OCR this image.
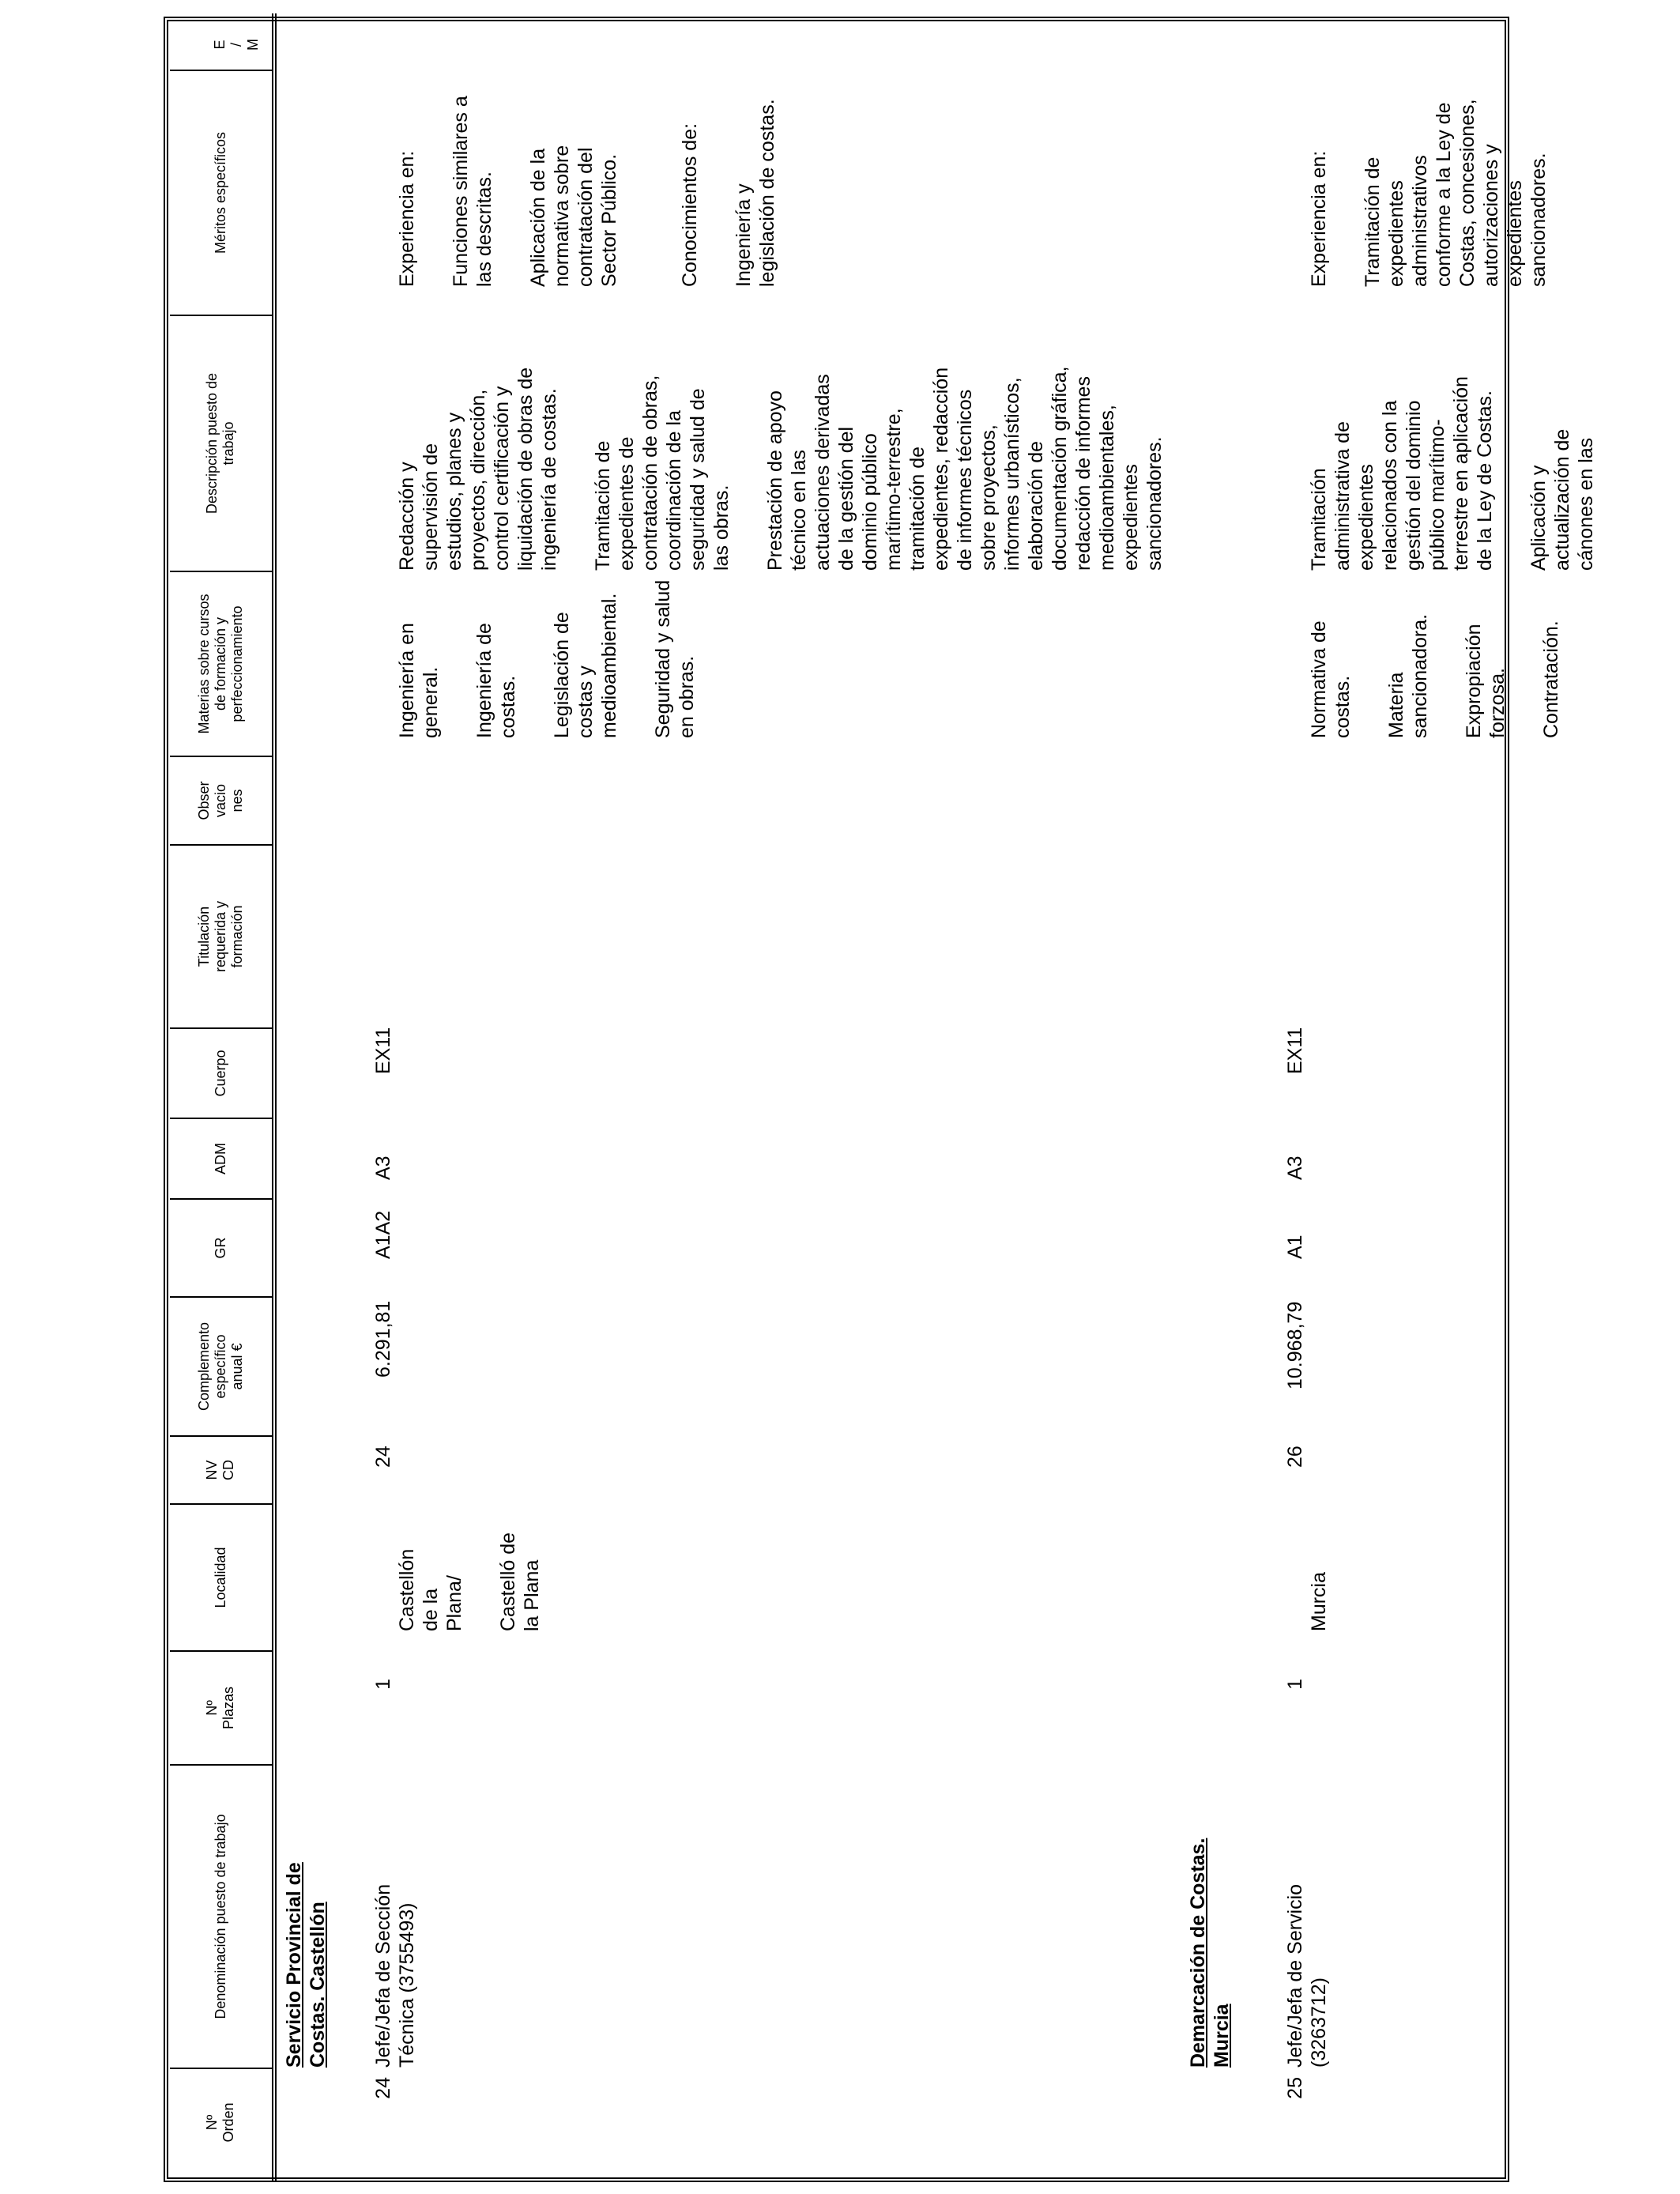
Nº
Orden
Denominación puesto de trabajo
Nº
Plazas
Localidad
NV
CD
Complemento
específico
anual €
GR
ADM
Cuerpo
Titulación
requerida y
formación
Obser
vacio
nes
Materias sobre cursos
de formación y
perfeccionamiento
Descripción puesto de
trabajo
Méritos específicos
E
/
M
Servicio Provincial de
Costas. Castellón
24
Jefe/Jefa de Sección
Técnica (3755493)
1

Castellón
de la
Plana/ Castelló de
la Plana

24
6.291,81
A1A2
A3
EX11

Ingeniería en
general. Ingeniería de
costas. Legislación de
costas y
medioambiental. Seguridad y salud
en obras.

Redacción y
supervisión de
estudios, planes y
proyectos, dirección,
control certificación y
liquidación de obras de
ingeniería de costas.

Tramitación de
expedientes de
contratación de obras,
coordinación de la
seguridad y salud de
las obras. Prestación de apoyo
técnico en las
actuaciones derivadas
de la gestión del
dominio público
marítimo-terrestre,
tramitación de
expedientes, redacción
de informes técnicos
sobre proyectos,
informes urbanísticos,
elaboración de
documentación gráfica,
redacción de informes
medioambientales,
expedientes
sancionadores.

Experiencia en: Funciones similares a
las descritas. Aplicación de la
normativa sobre
contratación del
Sector Público.	Conocimientos de: Ingeniería y
legislación de costas.

Demarcación de Costas.
Murcia
25
Jefe/Jefa de Servicio
(3263712)
1

Murcia

26
10.968,79
A1
A3
EX11

Normativa de
costas. Materia
sancionadora. Expropiación
forzosa. Contratación.

Tramitación
administrativa de
expedientes
relacionados con la
gestión del dominio
público marítimo-
terrestre en aplicación
de la Ley de Costas.

Aplicación y
actualización de
cánones en las

Experiencia en: Tramitación de
expedientes
administrativos
conforme a la Ley de
Costas, concesiones,
autorizaciones y
expedientes
sancionadores.
